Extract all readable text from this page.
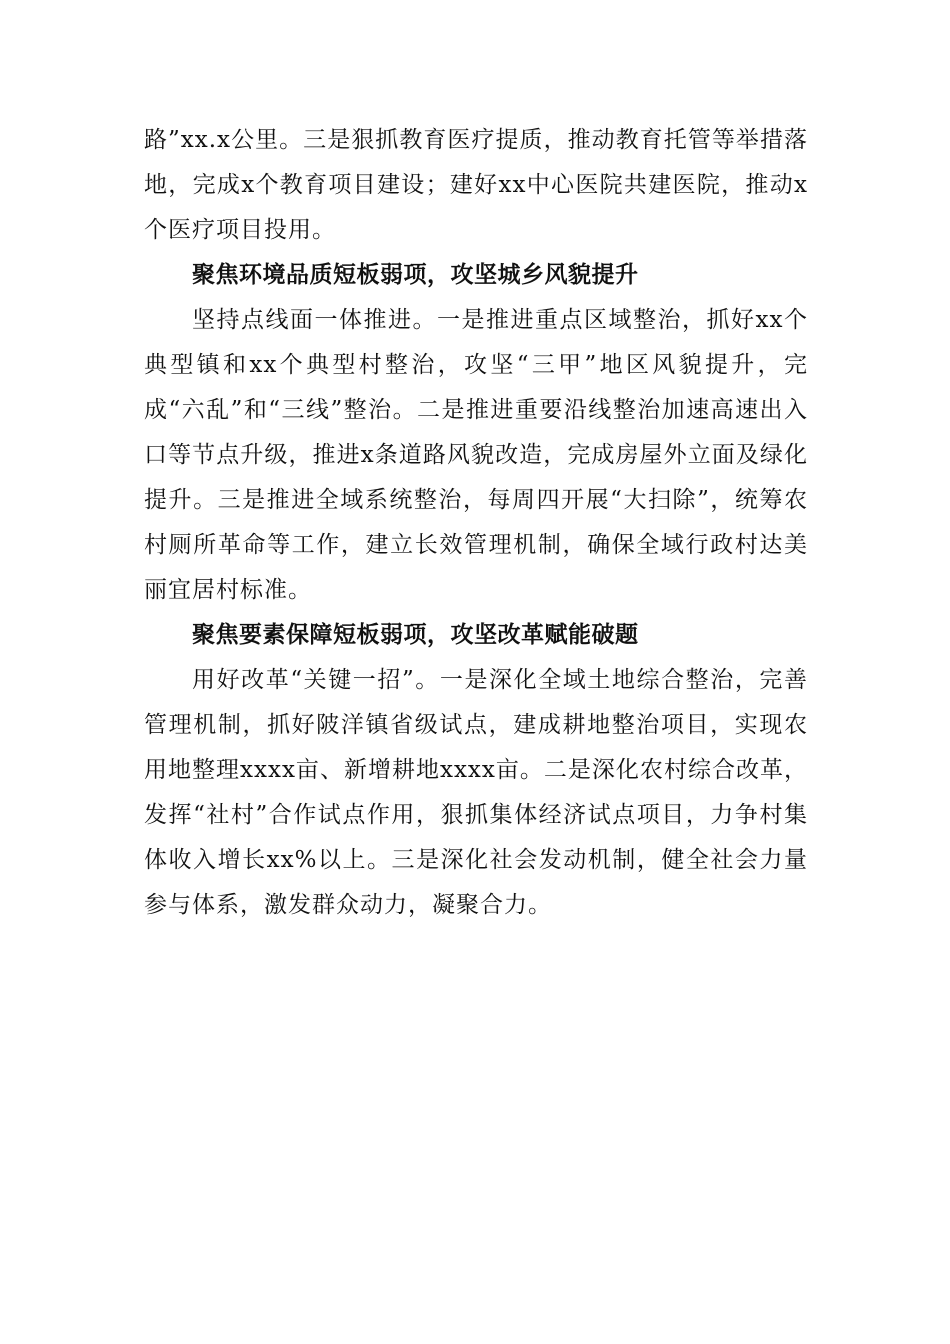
路”xx.x公里。三是狠抓教育医疗提质，推动教育托管等举措落地，完成x个教育项目建设；建好xx中心医院共建医院，推动x个医疗项目投用。

聚焦环境品质短板弱项，攻坚城乡风貌提升

坚持点线面一体推进。一是推进重点区域整治，抓好xx个典型镇和xx个典型村整治，攻坚“三甲”地区风貌提升，完成“六乱”和“三线”整治。二是推进重要沿线整治加速高速出入口等节点升级，推进x条道路风貌改造，完成房屋外立面及绿化提升。三是推进全域系统整治，每周四开展“大扫除”，统筹农村厕所革命等工作，建立长效管理机制，确保全域行政村达美丽宜居村标准。

聚焦要素保障短板弱项，攻坚改革赋能破题

用好改革“关键一招”。一是深化全域土地综合整治，完善管理机制，抓好陂洋镇省级试点，建成耕地整治项目，实现农用地整理xxxx亩、新增耕地xxxx亩。二是深化农村综合改革，发挥“社村”合作试点作用，狠抓集体经济试点项目，力争村集体收入增长xx%以上。三是深化社会发动机制，健全社会力量参与体系，激发群众动力，凝聚合力。
